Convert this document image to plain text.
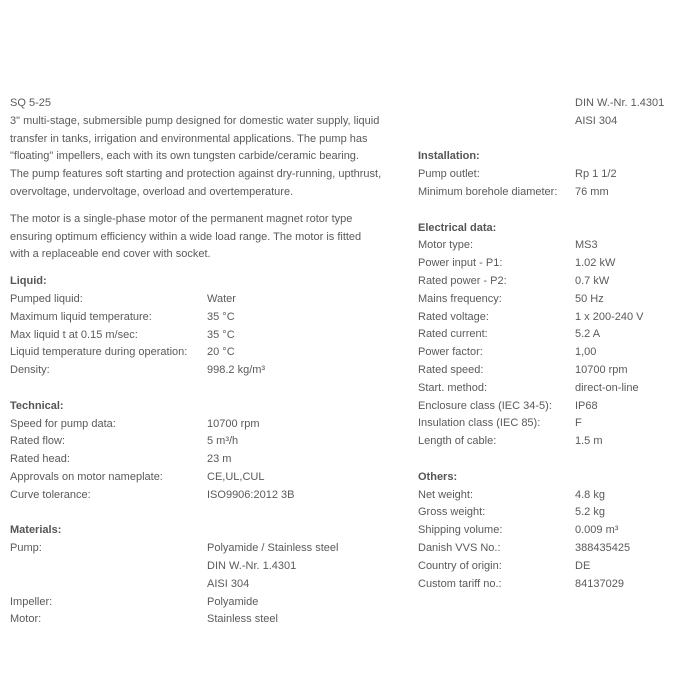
SQ 5-25
3" multi-stage, submersible pump designed for domestic water supply, liquid
transfer in tanks, irrigation and environmental applications. The pump has
"floating" impellers, each with its own tungsten carbide/ceramic bearing.
The pump features soft starting and protection against dry-running, upthrust,
overvoltage, undervoltage, overload and overtemperature.
The motor is a single-phase motor of the permanent magnet rotor type
ensuring optimum efficiency within a wide load range. The motor is fitted
with a replaceable end cover with socket.
Liquid:
Pumped liquid:	Water
Maximum liquid temperature:	35 °C
Max liquid t at 0.15 m/sec:	35 °C
Liquid temperature during operation:	20 °C
Density:	998.2 kg/m³
Technical:
Speed for pump data:	10700 rpm
Rated flow:	5 m³/h
Rated head:	23 m
Approvals on motor nameplate:	CE,UL,CUL
Curve tolerance:	ISO9906:2012 3B
Materials:
Pump:	Polyamide / Stainless steel
DIN W.-Nr. 1.4301
AISI 304
Impeller:	Polyamide
Motor:	Stainless steel
DIN W.-Nr. 1.4301
AISI 304
Installation:
Pump outlet:	Rp 1 1/2
Minimum borehole diameter:	76 mm
Electrical data:
Motor type:	MS3
Power input - P1:	1.02 kW
Rated power - P2:	0.7 kW
Mains frequency:	50 Hz
Rated voltage:	1 x 200-240 V
Rated current:	5.2 A
Power factor:	1,00
Rated speed:	10700 rpm
Start. method:	direct-on-line
Enclosure class (IEC 34-5):	IP68
Insulation class (IEC 85):	F
Length of cable:	1.5 m
Others:
Net weight:	4.8 kg
Gross weight:	5.2 kg
Shipping volume:	0.009 m³
Danish VVS No.:	388435425
Country of origin:	DE
Custom tariff no.:	84137029
